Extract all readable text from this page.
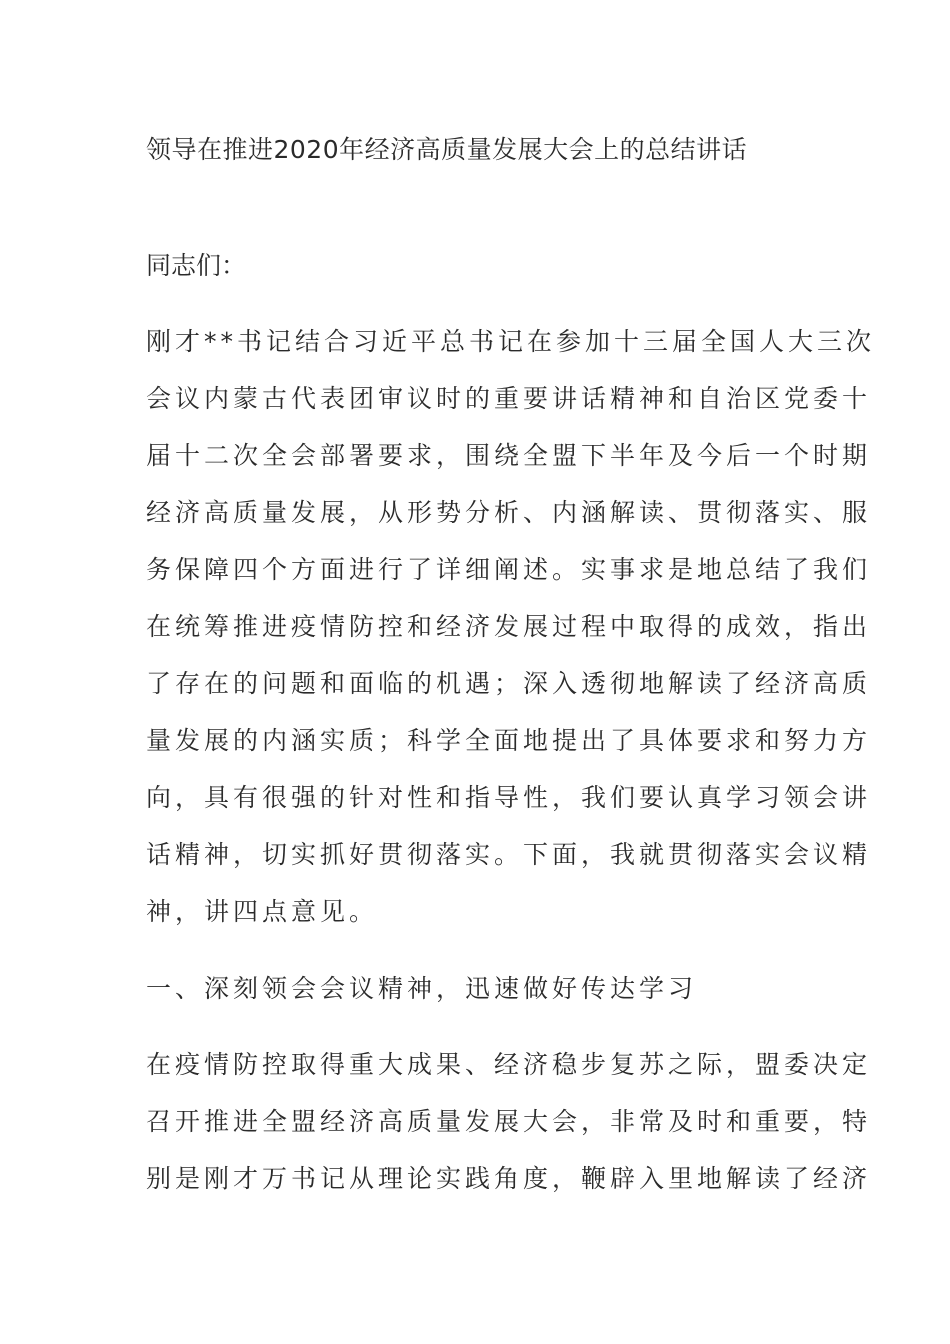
领导在推进2020年经济高质量发展大会上的总结讲话
同志们：
刚才**书记结合习近平总书记在参加十三届全国人大三次
会议内蒙古代表团审议时的重要讲话精神和自治区党委十
届十二次全会部署要求，围绕全盟下半年及今后一个时期
经济高质量发展，从形势分析、内涵解读、贯彻落实、服
务保障四个方面进行了详细阐述。实事求是地总结了我们
在统筹推进疫情防控和经济发展过程中取得的成效，指出
了存在的问题和面临的机遇；深入透彻地解读了经济高质
量发展的内涵实质；科学全面地提出了具体要求和努力方
向，具有很强的针对性和指导性，我们要认真学习领会讲
话精神，切实抓好贯彻落实。下面，我就贯彻落实会议精
神，讲四点意见。
一、深刻领会会议精神，迅速做好传达学习
在疫情防控取得重大成果、经济稳步复苏之际，盟委决定
召开推进全盟经济高质量发展大会，非常及时和重要，特
别是刚才万书记从理论实践角度，鞭辟入里地解读了经济
